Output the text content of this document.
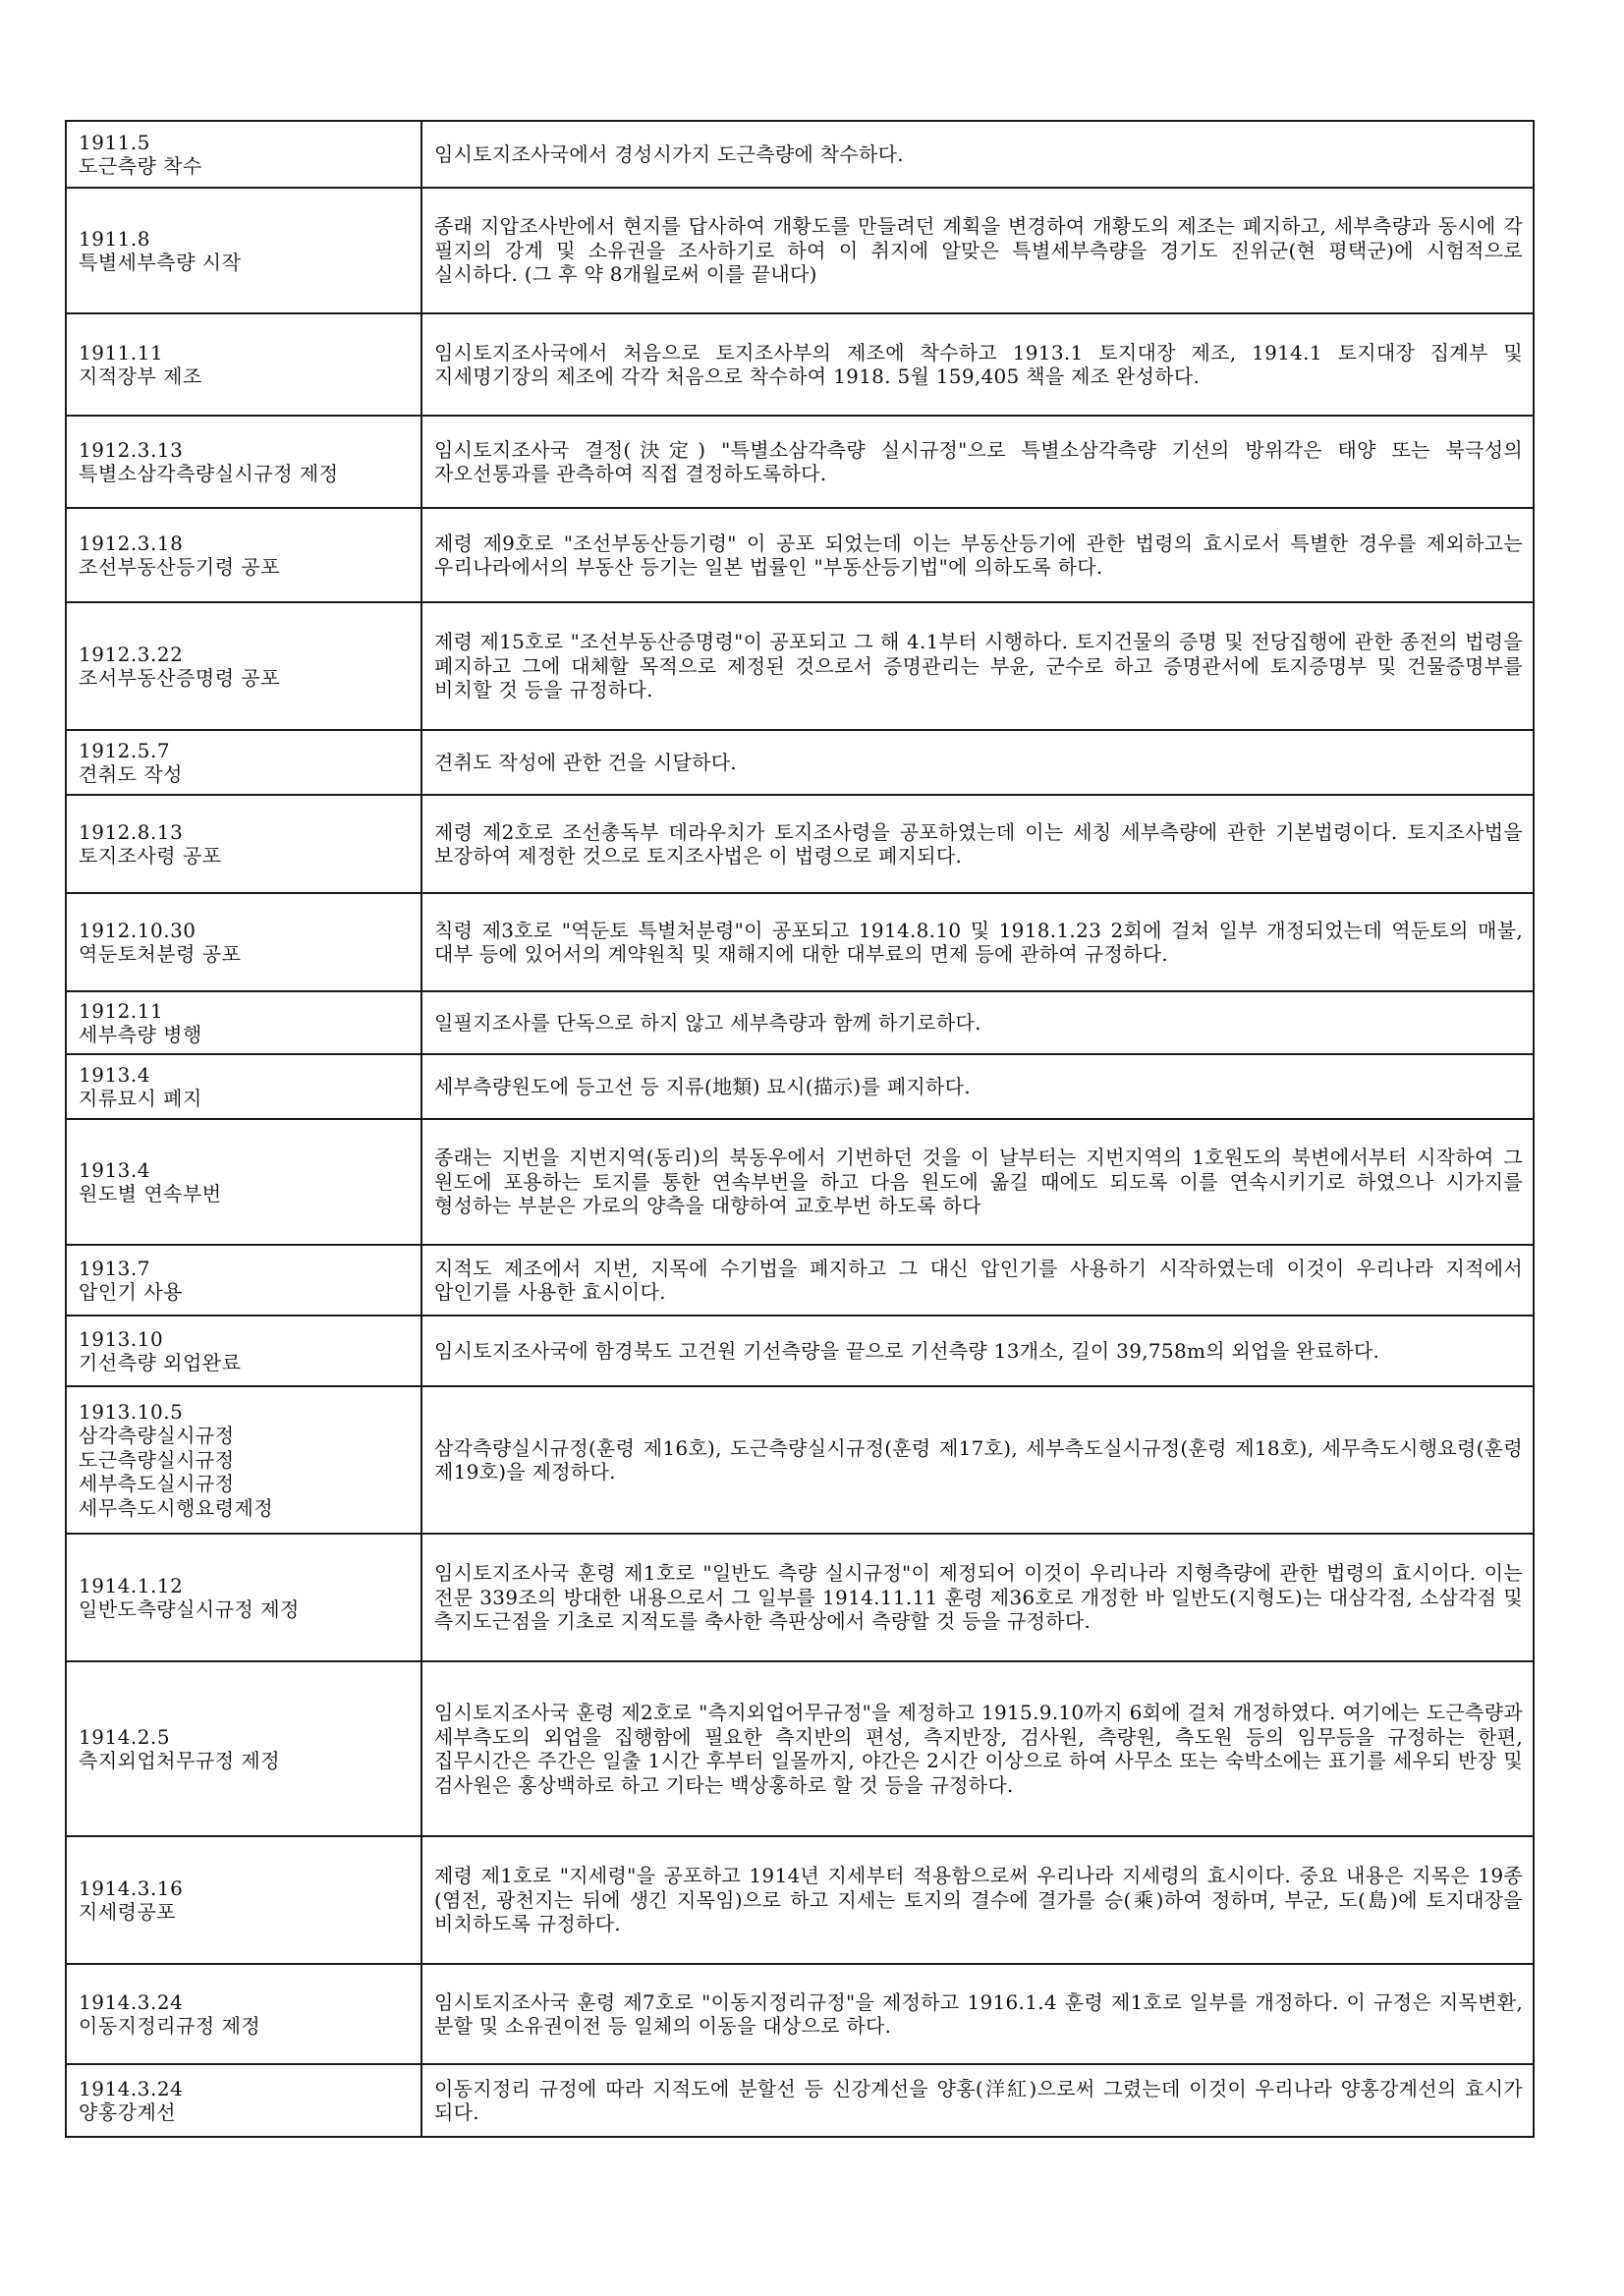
1911.5
도근측량 착수	임시토지조사국에서 경성시가지 도근측량에 착수하다.
1911.8
특별세부측량 시작	종래 지압조사반에서 현지를 답사하여 개황도를 만들려던 계획을 변경하여 개황도의 제조는 폐지하고, 세부측량과 동시에 각 필지의 강계 및 소유권을 조사하기로 하여 이 취지에 알맞은 특별세부측량을 경기도 진위군(현 평택군)에 시험적으로 실시하다. (그 후 약 8개월로써 이를 끝내다)
1911.11
지적장부 제조	임시토지조사국에서 처음으로 토지조사부의 제조에 착수하고 1913.1 토지대장 제조, 1914.1 토지대장 집계부 및 지세명기장의 제조에 각각 처음으로 착수하여 1918. 5월 159,405 책을 제조 완성하다.
1912.3.13
특별소삼각측량실시규정 제정	임시토지조사국 결정(決定) "특별소삼각측량 실시규정"으로 특별소삼각측량 기선의 방위각은 태양 또는 북극성의 자오선통과를 관측하여 직접 결정하도록하다.
1912.3.18
조선부동산등기령 공포	제령 제9호로 "조선부동산등기령" 이 공포 되었는데 이는 부동산등기에 관한 법령의 효시로서 특별한 경우를 제외하고는 우리나라에서의 부동산 등기는 일본 법률인 "부동산등기법"에 의하도록 하다.
1912.3.22
조서부동산증명령 공포	제령 제15호로 "조선부동산증명령"이 공포되고 그 해 4.1부터 시행하다. 토지건물의 증명 및 전당집행에 관한 종전의 법령을 폐지하고 그에 대체할 목적으로 제정된 것으로서 증명관리는 부윤, 군수로 하고 증명관서에 토지증명부 및 건물증명부를 비치할 것 등을 규정하다.
1912.5.7
견취도 작성	견취도 작성에 관한 건을 시달하다.
1912.8.13
토지조사령 공포	제령 제2호로 조선총독부 데라우치가 토지조사령을 공포하였는데 이는 세칭 세부측량에 관한 기본법령이다. 토지조사법을 보장하여 제정한 것으로 토지조사법은 이 법령으로 폐지되다.
1912.10.30
역둔토처분령 공포	칙령 제3호로 "역둔토 특별처분령"이 공포되고 1914.8.10 및 1918.1.23 2회에 걸쳐 일부 개정되었는데 역둔토의 매불, 대부 등에 있어서의 계약원칙 및 재해지에 대한 대부료의 면제 등에 관하여 규정하다.
1912.11
세부측량 병행	일필지조사를 단독으로 하지 않고 세부측량과 함께 하기로하다.
1913.4
지류묘시 폐지	세부측량원도에 등고선 등 지류(地類) 묘시(描示)를 폐지하다.
1913.4
원도별 연속부번	종래는 지번을 지번지역(동리)의 북동우에서 기번하던 것을 이 날부터는 지번지역의 1호원도의 북변에서부터 시작하여 그 원도에 포용하는 토지를 통한 연속부번을 하고 다음 원도에 옮길 때에도 되도록 이를 연속시키기로 하였으나 시가지를 형성하는 부분은 가로의 양측을 대향하여 교호부번 하도록 하다
1913.7
압인기 사용	지적도 제조에서 지번, 지목에 수기법을 폐지하고 그 대신 압인기를 사용하기 시작하였는데 이것이 우리나라 지적에서 압인기를 사용한 효시이다.
1913.10
기선측량 외업완료	임시토지조사국에 함경북도 고건원 기선측량을 끝으로 기선측량 13개소, 길이 39,758m의 외업을 완료하다.
1913.10.5
삼각측량실시규정
도근측량실시규정
세부측도실시규정
세무측도시행요령제정	삼각측량실시규정(훈령 제16호), 도근측량실시규정(훈령 제17호), 세부측도실시규정(훈령 제18호), 세무측도시행요령(훈령 제19호)을 제정하다.
1914.1.12
일반도측량실시규정 제정	임시토지조사국 훈령 제1호로 "일반도 측량 실시규정"이 제정되어 이것이 우리나라 지형측량에 관한 법령의 효시이다. 이는 전문 339조의 방대한 내용으로서 그 일부를 1914.11.11 훈령 제36호로 개정한 바 일반도(지형도)는 대삼각점, 소삼각점 및 측지도근점을 기초로 지적도를 축사한 측판상에서 측량할 것 등을 규정하다.
1914.2.5
측지외업처무규정 제정	임시토지조사국 훈령 제2호로 "측지외업어무규정"을 제정하고 1915.9.10까지 6회에 걸쳐 개정하였다. 여기에는 도근측량과 세부측도의 외업을 집행함에 필요한 측지반의 편성, 측지반장, 검사원, 측량원, 측도원 등의 임무등을 규정하는 한편, 집무시간은 주간은 일출 1시간 후부터 일몰까지, 야간은 2시간 이상으로 하여 사무소 또는 숙박소에는 표기를 세우되 반장 및 검사원은 홍상백하로 하고 기타는 백상홍하로 할 것 등을 규정하다.
1914.3.16
지세령공포	제령 제1호로 "지세령"을 공포하고 1914년 지세부터 적용함으로써 우리나라 지세령의 효시이다. 중요 내용은 지목은 19종(염전, 광천지는 뒤에 생긴 지목임)으로 하고 지세는 토지의 결수에 결가를 승(乘)하여 정하며, 부군, 도(島)에 토지대장을 비치하도록 규정하다.
1914.3.24
이동지정리규정 제정	임시토지조사국 훈령 제7호로 "이동지정리규정"을 제정하고 1916.1.4 훈령 제1호로 일부를 개정하다. 이 규정은 지목변환, 분할 및 소유권이전 등 일체의 이동을 대상으로 하다.
1914.3.24
양홍강계선	이동지정리 규정에 따라 지적도에 분할선 등 신강계선을 양홍(洋紅)으로써 그렸는데 이것이 우리나라 양홍강계선의 효시가 되다.
